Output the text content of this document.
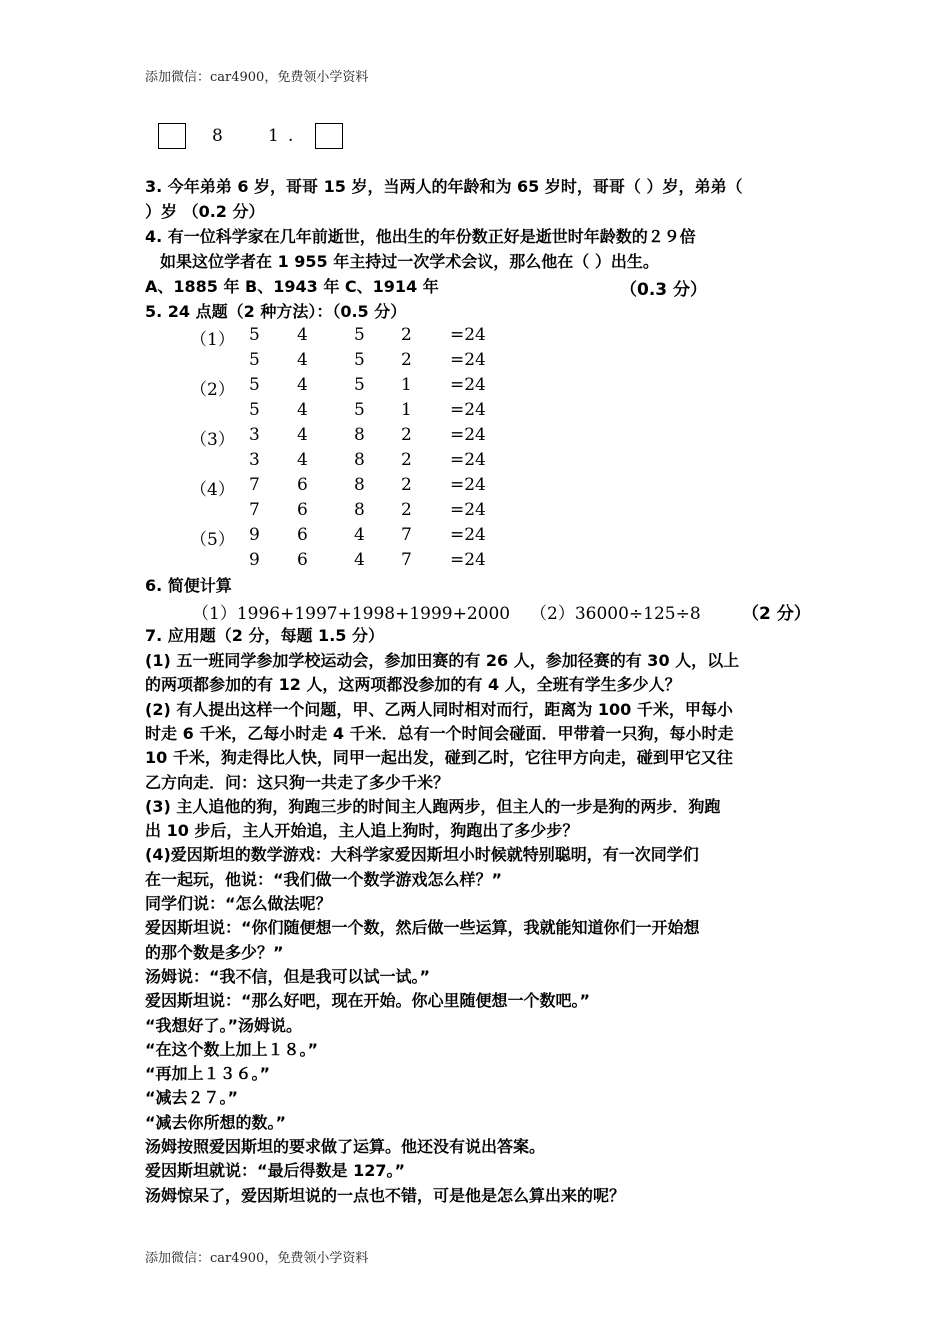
添加微信：car4900，免费领小学资料
8	1 .
3. 今年弟弟 6 岁，哥哥 15 岁，当两人的年龄和为 65 岁时，哥哥（ ）岁，弟弟（
）岁 （0.2 分）
4. 有一位科学家在几年前逝世，他出生的年份数正好是逝世时年龄数的２９倍
如果这位学者在 1 955 年主持过一次学术会议，那么他在（ ）出生。
A、1885 年 B、1943 年 C、1914 年	（0.3 分）
5. 24 点题（2 种方法）：（0.5 分）
（1） 5 4	5 2 =24
5 4	5 2 =24
（2） 5 4	5 1 =24
5 4	5 1 =24
（3） 3 4	8 2 =24
3 4	8 2 =24
（4） 7 6	8 2 =24
7 6	8 2 =24
（5） 9 6	4 7 =24
9 6	4 7 =24
6. 简便计算
（1）1996+1997+1998+1999+2000 （2）36000÷125÷8 （2 分）
7. 应用题（2 分，每题 1.5 分）
(1) 五一班同学参加学校运动会，参加田赛的有 26 人，参加径赛的有 30 人，以上
的两项都参加的有 12 人，这两项都没参加的有 4 人，全班有学生多少人？
(2) 有人提出这样一个问题，甲、乙两人同时相对而行，距离为 100 千米，甲每小
时走 6 千米，乙每小时走 4 千米．总有一个时间会碰面．甲带着一只狗，每小时走
10 千米，狗走得比人快，同甲一起出发，碰到乙时，它往甲方向走，碰到甲它又往
乙方向走．问：这只狗一共走了多少千米？
(3) 主人追他的狗，狗跑三步的时间主人跑两步，但主人的一步是狗的两步．狗跑
出 10 步后，主人开始追，主人追上狗时，狗跑出了多少步？
(4)爱因斯坦的数学游戏：大科学家爱因斯坦小时候就特别聪明，有一次同学们
在一起玩，他说：“我们做一个数学游戏怎么样？”
同学们说：“怎么做法呢？
爱因斯坦说：“你们随便想一个数，然后做一些运算，我就能知道你们一开始想
的那个数是多少？”
汤姆说：“我不信，但是我可以试一试。”
爱因斯坦说：“那么好吧，现在开始。你心里随便想一个数吧。”
“我想好了。”汤姆说。
“在这个数上加上１８。”
“再加上１３６。”
“减去２７。”
“减去你所想的数。”
汤姆按照爱因斯坦的要求做了运算。他还没有说出答案。
爱因斯坦就说：“最后得数是 127。”
汤姆惊呆了，爱因斯坦说的一点也不错，可是他是怎么算出来的呢？
添加微信：car4900，免费领小学资料
